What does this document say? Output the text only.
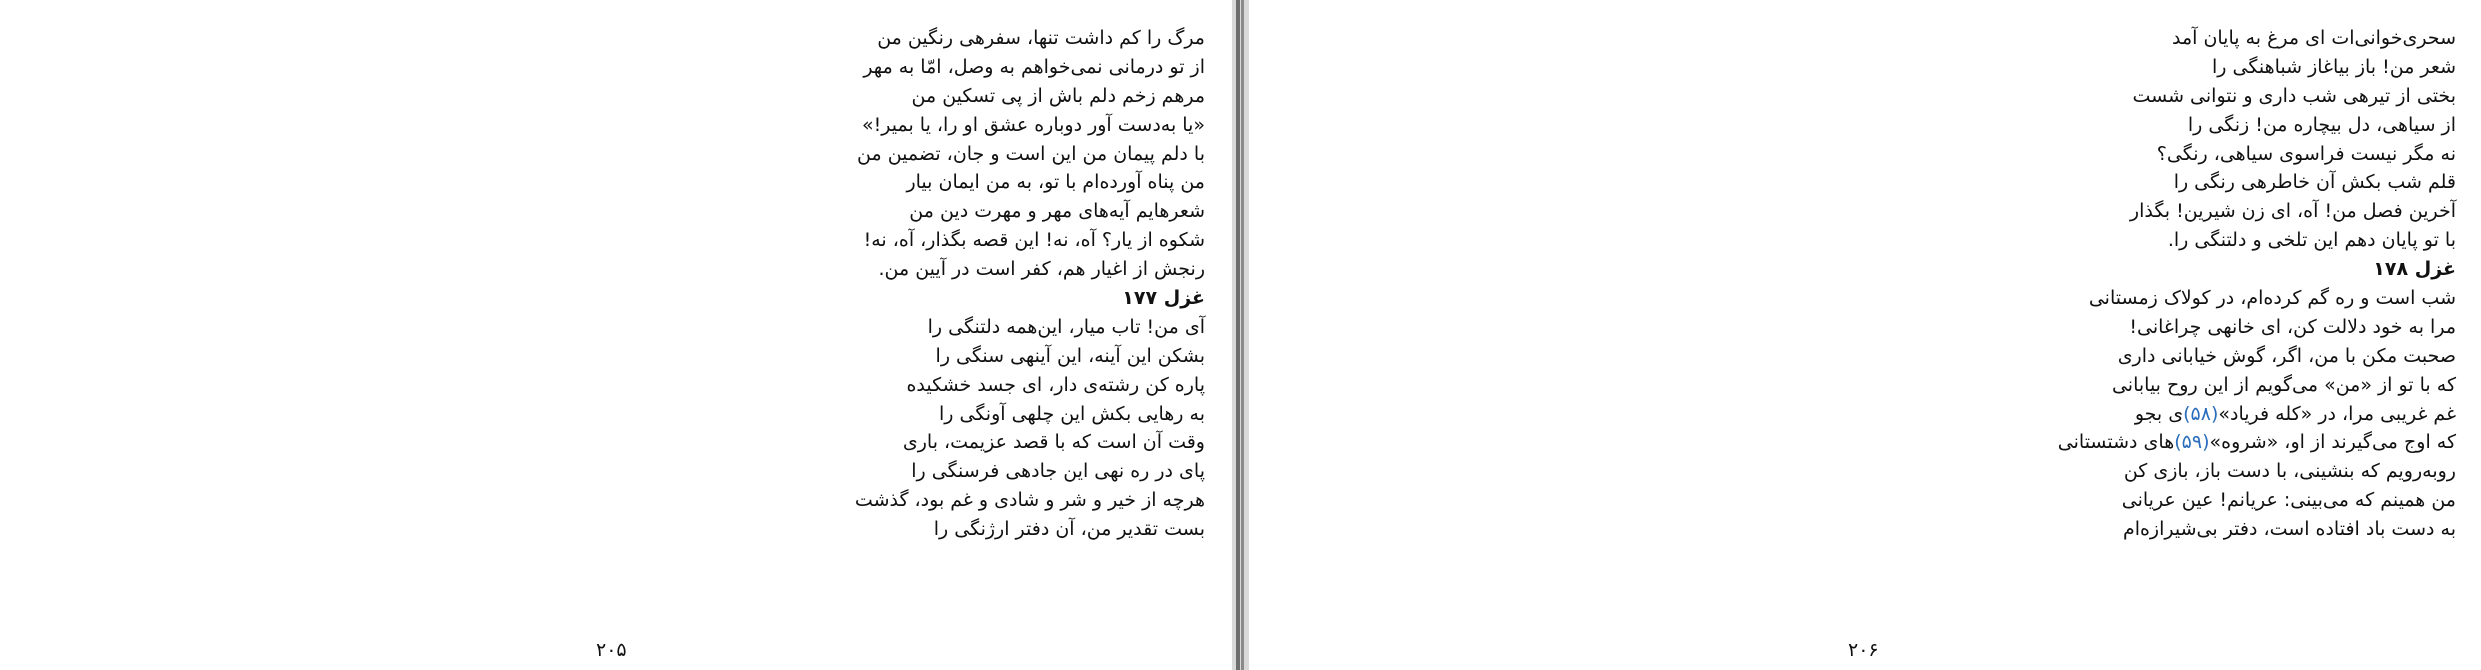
مرگ را کم داشت تنها، سفرهی رنگین من
از تو درمانی نمی‌خواهم به وصل، امّا به مهر
مرهم زخم دلم باش از پی تسکین من
«یا به‌دست آور دوباره عشق او را، یا بمیر!»
با دلم پیمان من این است و جان، تضمین من
من پناه آورده‌ام با تو، به من ایمان بیار
شعرهایم آیه‌های مهر و مهرت دین من
شکوه از یار؟ آه، نه! این قصه بگذار، آه، نه!
رنجش از اغیار هم، کفر است در آیین من.
غزل ۱۷۷
آی من! تاب میار، این‌همه دلتنگی را
بشکن این آینه، این آینهی سنگی را
پاره کن رشته‌ی دار، ای جسد خشکیده
به رهایی بکش این چلهی آونگی را
وقت آن است که با قصد عزیمت، باری
پای در ره نهی این جادهی فرسنگی را
هرچه از خیر و شر و شادی و غم بود، گذشت
بست تقدیر من، آن دفتر ارژنگی را
۲۰۵
سحری‌خوانی‌ات ای مرغ به پایان آمد
شعر من! باز بیاغاز شباهنگی را
بختی از تیرهی شب داری و نتوانی شست
از سیاهی، دل بیچاره من! زنگی را
نه مگر نیست فراسوی سیاهی، رنگی؟
قلم شب بکش آن خاطرهی رنگی را
آخرین فصل من! آه، ای زن شیرین! بگذار
با تو پایان دهم این تلخی و دلتنگی را.
غزل ۱۷۸
شب است و ره گم کرده‌ام، در کولاک زمستانی
مرا به خود دلالت کن، ای خانهی چراغانی!
صحبت مکن با من، اگر، گوش خیابانی داری
که با تو از «من» می‌گویم از این روح بیابانی
غم غریبی مرا، در «کله فریاد»(۵۸)ی بجو
که اوج می‌گیرند از او، «شروه»(۵۹)های دشتستانی
روبه‌رویم که بنشینی، با دست باز، بازی کن
من همینم که می‌بینی: عریانم! عین عریانی
به دست باد افتاده است، دفتر بی‌شیرازه‌ام
۲۰۶
